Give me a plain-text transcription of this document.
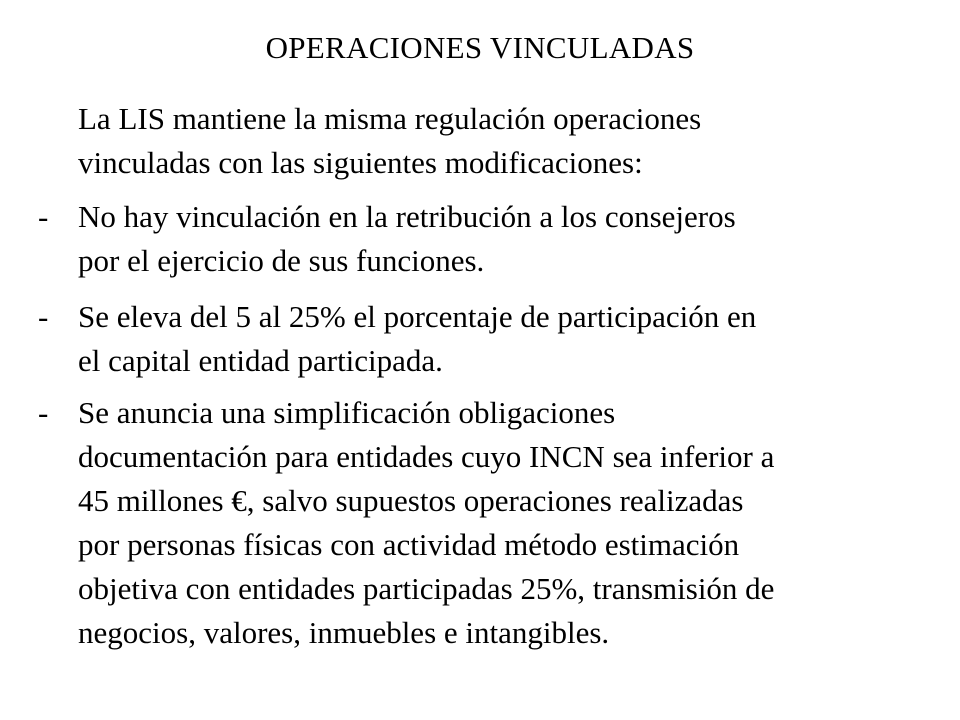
OPERACIONES VINCULADAS
La LIS mantiene la misma regulación operaciones
vinculadas con las siguientes modificaciones:
- No hay vinculación en la retribución a los consejeros
por el ejercicio de sus funciones.
- Se eleva del 5 al 25% el porcentaje de participación en
el capital entidad participada.
- Se anuncia una simplificación obligaciones
documentación para entidades cuyo INCN sea inferior a
45 millones €, salvo supuestos operaciones realizadas
por personas físicas con actividad método estimación
objetiva con entidades participadas 25%, transmisión de
negocios, valores, inmuebles e intangibles.
